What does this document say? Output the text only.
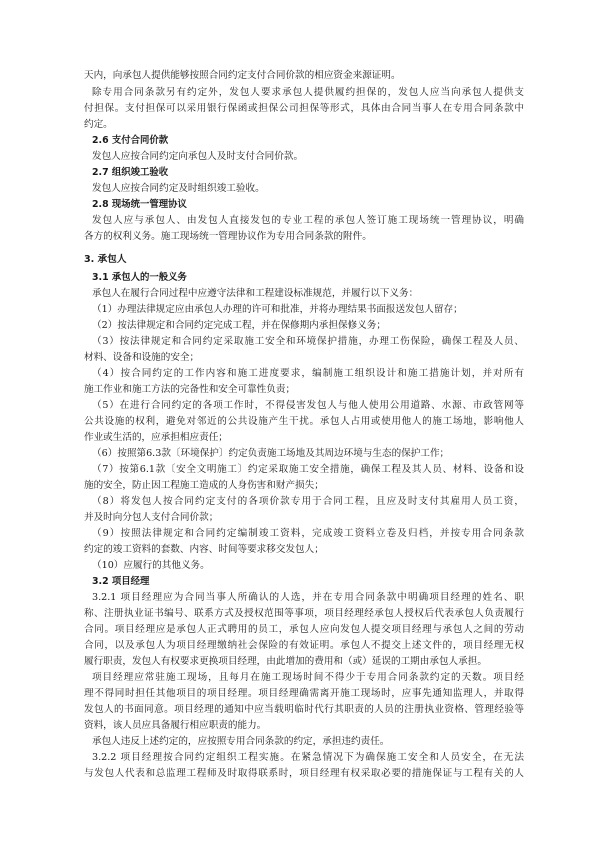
天内，向承包人提供能够按照合同约定支付合同价款的相应资金来源证明。
除专用合同条款另有约定外，发包人要求承包人提供履约担保的，发包人应当向承包人提供支
付担保。支付担保可以采用银行保函或担保公司担保等形式，具体由合同当事人在专用合同条款中
约定。
2.6 支付合同价款
发包人应按合同约定向承包人及时支付合同价款。
2.7 组织竣工验收
发包人应按合同约定及时组织竣工验收。
2.8 现场统一管理协议
发包人应与承包人、由发包人直接发包的专业工程的承包人签订施工现场统一管理协议，明确
各方的权利义务。施工现场统一管理协议作为专用合同条款的附件。
3. 承包人
3.1 承包人的一般义务
承包人在履行合同过程中应遵守法律和工程建设标准规范，并履行以下义务：
（1）办理法律规定应由承包人办理的许可和批准，并将办理结果书面报送发包人留存；
（2）按法律规定和合同约定完成工程，并在保修期内承担保修义务；
（3）按法律规定和合同约定采取施工安全和环境保护措施，办理工伤保险，确保工程及人员、
材料、设备和设施的安全；
（4）按合同约定的工作内容和施工进度要求，编制施工组织设计和施工措施计划，并对所有
施工作业和施工方法的完备性和安全可靠性负责；
（5）在进行合同约定的各项工作时，不得侵害发包人与他人使用公用道路、水源、市政管网等
公共设施的权利，避免对邻近的公共设施产生干扰。承包人占用或使用他人的施工场地，影响他人
作业或生活的，应承担相应责任；
（6）按照第6.3款〔环境保护〕约定负责施工场地及其周边环境与生态的保护工作；
（7）按第6.1款〔安全文明施工〕约定采取施工安全措施，确保工程及其人员、材料、设备和设
施的安全，防止因工程施工造成的人身伤害和财产损失；
（8）将发包人按合同约定支付的各项价款专用于合同工程，且应及时支付其雇用人员工资，
并及时向分包人支付合同价款；
（9）按照法律规定和合同约定编制竣工资料，完成竣工资料立卷及归档，并按专用合同条款
约定的竣工资料的套数、内容、时间等要求移交发包人；
（10）应履行的其他义务。
3.2 项目经理
3.2.1 项目经理应为合同当事人所确认的人选，并在专用合同条款中明确项目经理的姓名、职
称、注册执业证书编号、联系方式及授权范围等事项，项目经理经承包人授权后代表承包人负责履行
合同。项目经理应是承包人正式聘用的员工，承包人应向发包人提交项目经理与承包人之间的劳动
合同，以及承包人为项目经理缴纳社会保险的有效证明。承包人不提交上述文件的，项目经理无权
履行职责，发包人有权要求更换项目经理，由此增加的费用和（或）延误的工期由承包人承担。
项目经理应常驻施工现场，且每月在施工现场时间不得少于专用合同条款约定的天数。项目经
理不得同时担任其他项目的项目经理。项目经理确需离开施工现场时，应事先通知监理人，并取得
发包人的书面同意。项目经理的通知中应当载明临时代行其职责的人员的注册执业资格、管理经验等
资料，该人员应具备履行相应职责的能力。
承包人违反上述约定的，应按照专用合同条款的约定，承担违约责任。
3.2.2 项目经理按合同约定组织工程实施。在紧急情况下为确保施工安全和人员安全，在无法
与发包人代表和总监理工程师及时取得联系时，项目经理有权采取必要的措施保证与工程有关的人
